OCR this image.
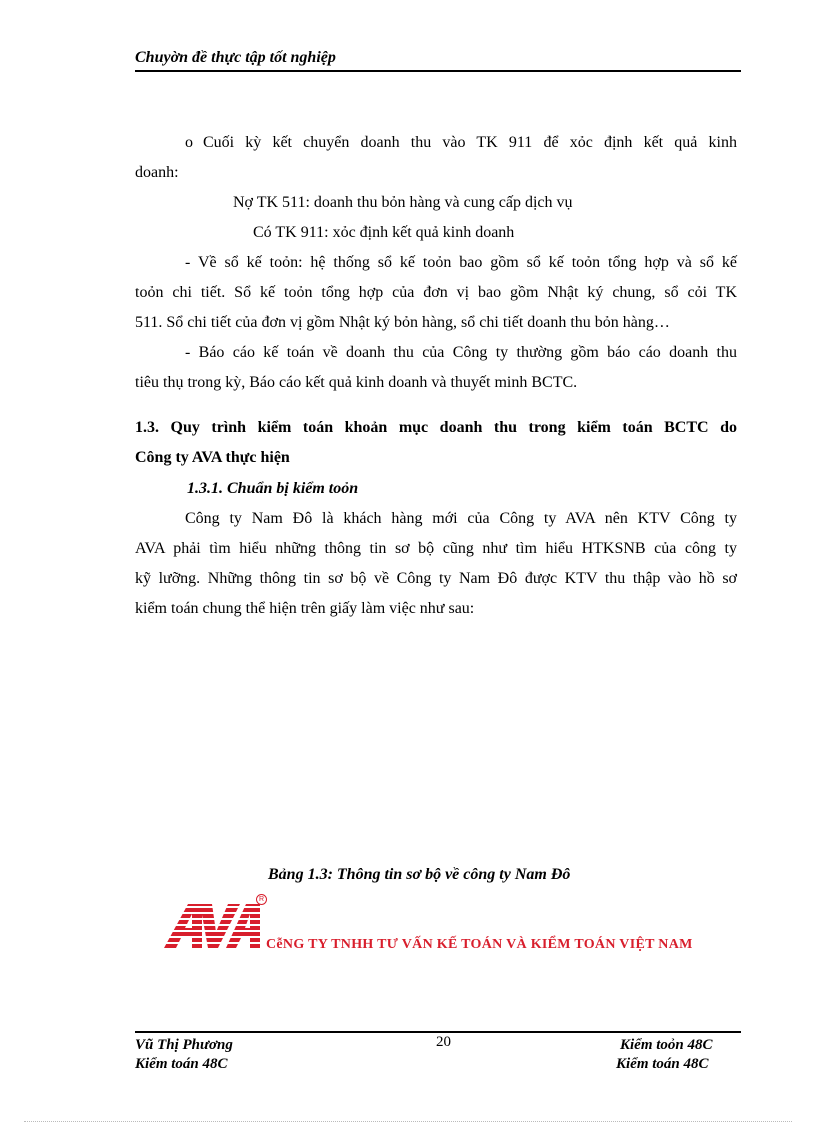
Chuyờn đề thực tập tốt nghiệp
o Cuối kỳ kết chuyển doanh thu vào TK 911 để xỏc định kết quả kinh
doanh:
Nợ TK 511: doanh thu bỏn hàng và cung cấp dịch vụ
Có TK 911: xỏc định kết quả kinh doanh
- Về sổ kế toỏn: hệ thống sổ kế toỏn bao gồm sổ kế toỏn tổng hợp và sổ kế
toỏn chi tiết. Sổ kế toỏn tổng hợp của đơn vị bao gồm Nhật ký chung, sổ cỏi TK
511. Sổ chi tiết của đơn vị gồm Nhật ký bỏn hàng, sổ chi tiết doanh thu bỏn hàng…
- Báo cáo kế toán về doanh thu của Công ty thường gồm báo cáo doanh thu
tiêu thụ trong kỳ, Báo cáo kết quả kinh doanh và thuyết minh BCTC.
1.3. Quy trình kiểm toán khoản mục doanh thu trong kiểm toán BCTC do
Công ty AVA thực hiện
1.3.1. Chuẩn bị kiểm toỏn
Công ty Nam Đô là khách hàng mới của Công ty AVA nên KTV Công ty
AVA phải tìm hiểu những thông tin sơ bộ cũng như tìm hiểu HTKSNB của công ty
kỹ lưỡng. Những thông tin sơ bộ về Công ty Nam Đô được KTV thu thập vào hồ sơ
kiểm toán chung thể hiện trên giấy làm việc như sau:
Bảng 1.3: Thông tin sơ bộ về công ty Nam Đô
R
CễNG TY TNHH TƯ VẤN KẾ TOÁN VÀ KIỂM TOÁN VIỆT NAM
Vũ Thị Phương
Kiểm toán 48C
20	Kiểm toỏn 48C
Kiểm toán 48C
